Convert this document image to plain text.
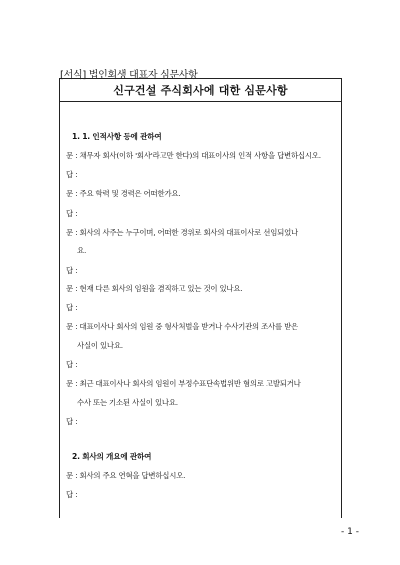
[서식] 법인회생 대표자 심문사항
신구건설 주식회사에 대한 심문사항
1. 1. 인적사항 등에 관하여
문 : 채무자 회사(이하 '회사'라고만 한다)의 대표이사의 인적 사항을 답변하십시오.
답 :
문 : 주요 학력 및 경력은 어떠한가요.
답 :
문 : 회사의 사주는 누구이며, 어떠한 경위로 회사의 대표이사로 선임되었나
요.
답 :
문 : 현재 다른 회사의 임원을 겸직하고 있는 것이 있나요.
답 :
문 : 대표이사나 회사의 임원 중 형사처벌을 받거나 수사기관의 조사를 받은
사실이 있나요.
답 :
문 : 최근 대표이사나 회사의 임원이 부정수표단속법위반 혐의로 고발되거나
수사 또는 기소된 사실이 있나요.
답 :
2. 회사의 개요에 관하여
문 : 회사의 주요 연혁을 답변하십시오.
답 :
- 1 -
